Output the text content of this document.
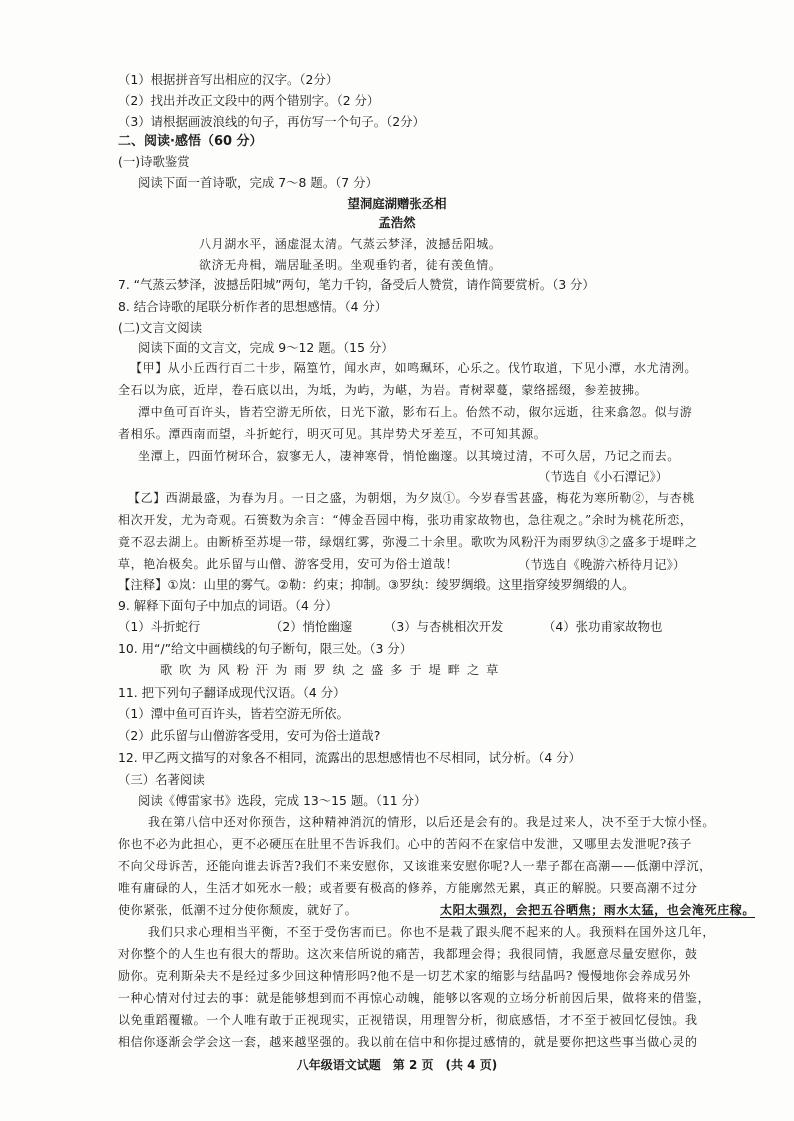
（1）根据拼音写出相应的汉字。（2分）
（2）找出并改正文段中的两个错别字。（2 分）
（3）请根据画波浪线的句子，再仿写一个句子。（2分）
二、阅读·感悟（60 分）
(一)诗歌鉴赏
阅读下面一首诗歌，完成 7～8 题。（7 分）
望洞庭湖赠张丞相
孟浩然
八月湖水平，涵虚混太清。气蒸云梦泽，波撼岳阳城。
欲济无舟楫，端居耻圣明。坐观垂钓者，徒有羡鱼情。
7. “气蒸云梦泽，波撼岳阳城”两句，笔力千钧，备受后人赞赏，请作简要赏析。（3 分）
8. 结合诗歌的尾联分析作者的思想感情。（4 分）
(二)文言文阅读
阅读下面的文言文，完成 9～12 题。（15 分）
【甲】从小丘西行百二十步，隔篁竹，闻水声，如鸣珮环，心乐之。伐竹取道，下见小潭，水尤清洌。
全石以为底，近岸，卷石底以出，为坻，为屿，为嵁，为岩。青树翠蔓，蒙络摇缀，参差披拂。
潭中鱼可百许头，皆若空游无所依，日光下澈，影布石上。佁然不动，俶尔远逝，往来翕忽。似与游
者相乐。潭西南而望，斗折蛇行，明灭可见。其岸势犬牙差互，不可知其源。
坐潭上，四面竹树环合，寂寥无人，凄神寒骨，悄怆幽邃。以其境过清，不可久居，乃记之而去。
（节选自《小石潭记》）
【乙】西湖最盛，为春为月。一日之盛，为朝烟，为夕岚①。今岁春雪甚盛，梅花为寒所勒②，与杏桃
相次开发，尤为奇观。石篑数为余言：“傅金吾园中梅，张功甫家故物也，急往观之。”余时为桃花所恋，
竟不忍去湖上。由断桥至苏堤一带，绿烟红雾，弥漫二十余里。歌吹为风粉汗为雨罗纨③之盛多于堤畔之
草，艳冶极矣。此乐留与山僧、游客受用，安可为俗士道哉！	（节选自《晚游六桥待月记》）
【注释】①岚：山里的雾气。②勒：约束；抑制。③罗纨：绫罗绸缎。这里指穿绫罗绸缎的人。
9. 解释下面句子中加点的词语。（4 分）
（1）斗折蛇行	（2）悄怆幽邃	（3）与杏桃相次开发	（4）张功甫家故物也
10. 用“/”给文中画横线的句子断句，限三处。（3 分）
歌吹为风粉汗为雨罗纨之盛多于堤畔之草
11. 把下列句子翻译成现代汉语。（4 分）
（1）潭中鱼可百许头，皆若空游无所依。
（2）此乐留与山僧游客受用，安可为俗士道哉?
12. 甲乙两文描写的对象各不相同，流露出的思想感情也不尽相同，试分析。（4 分）
（三）名著阅读
阅读《傅雷家书》选段，完成 13～15 题。（11 分）
我在第八信中还对你预告，这种精神消沉的情形，以后还是会有的。我是过来人，决不至于大惊小怪。
你也不必为此担心，更不必硬压在肚里不告诉我们。心中的苦闷不在家信中发泄，又哪里去发泄呢?孩子
不向父母诉苦，还能向谁去诉苦?我们不来安慰你，又该谁来安慰你呢?人一辈子都在高潮——低潮中浮沉，
唯有庸碌的人，生活才如死水一般；或者要有极高的修养，方能廓然无累，真正的解脱。只要高潮不过分
使你紧张，低潮不过分使你颓废，就好了。	太阳太强烈，会把五谷晒焦；雨水太猛，也会淹死庄稼。
我们只求心理相当平衡，不至于受伤害而已。你也不是栽了跟头爬不起来的人。我预料在国外这几年，
对你整个的人生也有很大的帮助。这次来信所说的痛苦，我都理会得；我很同情，我愿意尽量安慰你，鼓
励你。克利斯朵夫不是经过多少回这种情形吗?他不是一切艺术家的缩影与结晶吗? 慢慢地你会养成另外
一种心情对付过去的事：就是能够想到而不再惊心动魄，能够以客观的立场分析前因后果，做将来的借鉴，
以免重蹈覆辙。一个人唯有敢于正视现实，正视错误，用理智分析，彻底感悟，才不至于被回忆侵蚀。我
相信你逐渐会学会这一套，越来越坚强的。我以前在信中和你提过感情的，就是要你把这些事当做心灵的
八年级语文试题　第 2 页　(共 4 页)
